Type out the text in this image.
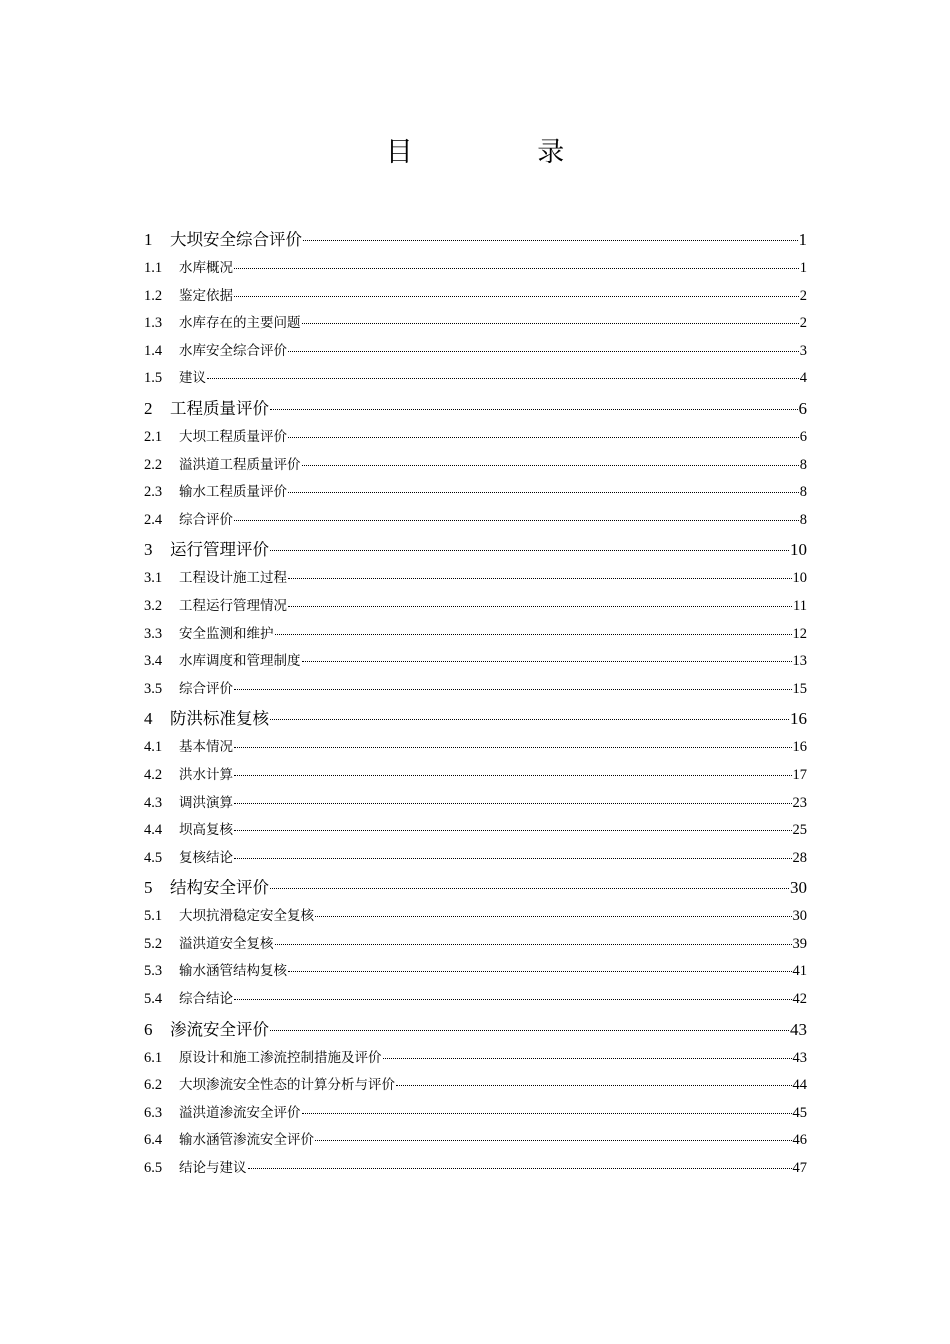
目 录
1	大坝安全综合评价	1
1.1	水库概况	1
1.2	鉴定依据	2
1.3	水库存在的主要问题	2
1.4	水库安全综合评价	3
1.5	建议	4
2	工程质量评价	6
2.1	大坝工程质量评价	6
2.2	溢洪道工程质量评价	8
2.3	输水工程质量评价	8
2.4	综合评价	8
3	运行管理评价	10
3.1	工程设计施工过程	10
3.2	工程运行管理情况	11
3.3	安全监测和维护	12
3.4	水库调度和管理制度	13
3.5	综合评价	15
4	防洪标准复核	16
4.1	基本情况	16
4.2	洪水计算	17
4.3	调洪演算	23
4.4	坝高复核	25
4.5	复核结论	28
5	结构安全评价	30
5.1	大坝抗滑稳定安全复核	30
5.2	溢洪道安全复核	39
5.3	输水涵管结构复核	41
5.4	综合结论	42
6	渗流安全评价	43
6.1	原设计和施工渗流控制措施及评价	43
6.2	大坝渗流安全性态的计算分析与评价	44
6.3	溢洪道渗流安全评价	45
6.4	输水涵管渗流安全评价	46
6.5	结论与建议	47
